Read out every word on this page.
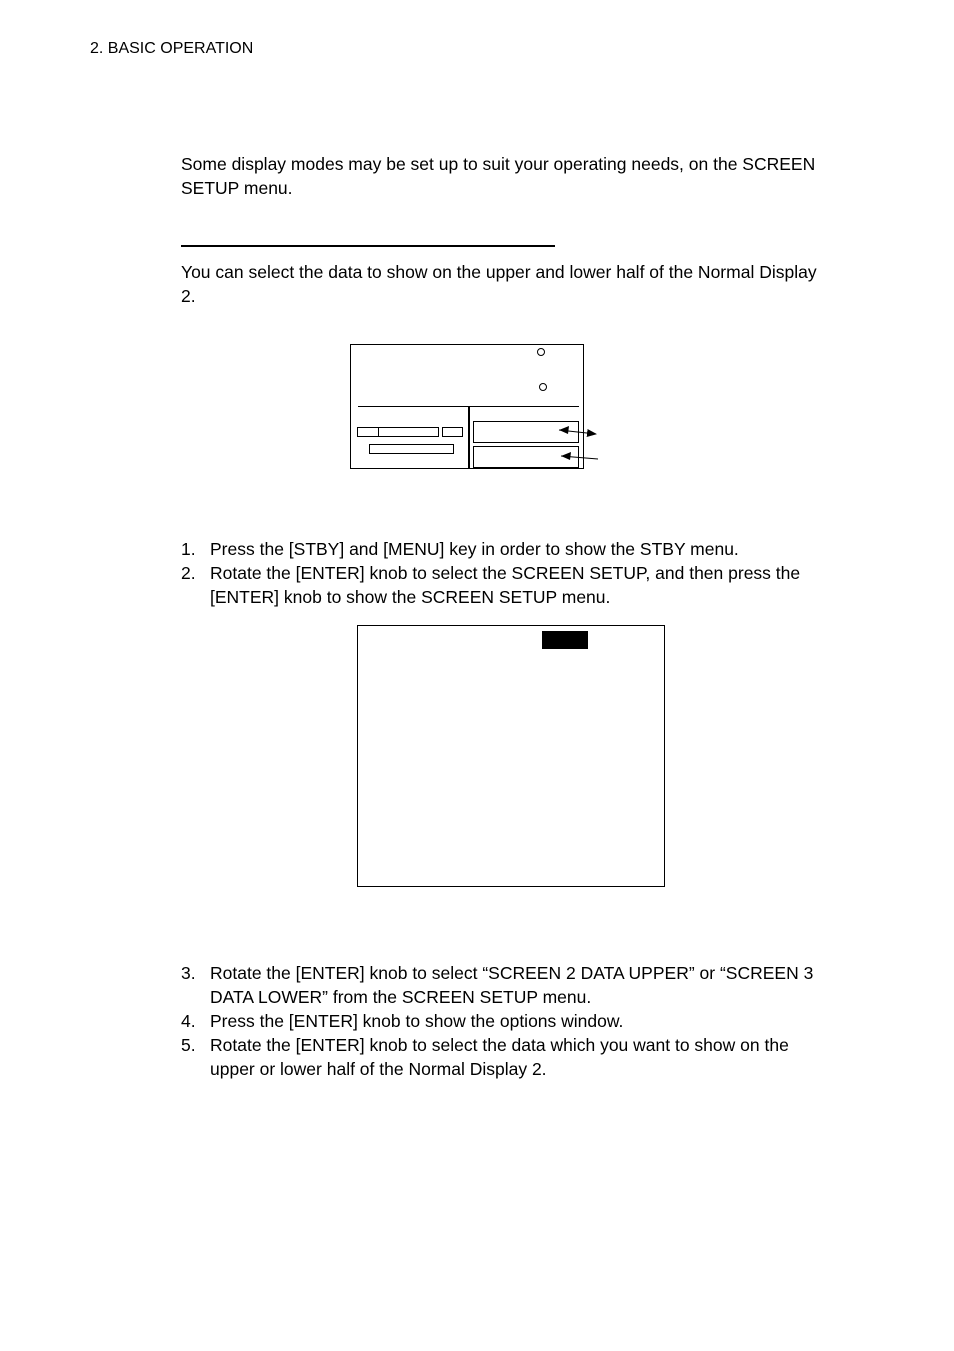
2. BASIC OPERATION
Some display modes may be set up to suit your operating needs, on the SCREEN SETUP menu.
You can select the data to show on the upper and lower half of the Normal Display 2.
1. Press the [STBY] and [MENU] key in order to show the STBY menu.
2. Rotate the [ENTER] knob to select the SCREEN SETUP, and then press the [ENTER] knob to show the SCREEN SETUP menu.
3. Rotate the [ENTER] knob to select “SCREEN 2 DATA UPPER” or “SCREEN 3 DATA LOWER” from the SCREEN SETUP menu.
4. Press the [ENTER] knob to show the options window.
5. Rotate the [ENTER] knob to select the data which you want to show on the upper or lower half of the Normal Display 2.
